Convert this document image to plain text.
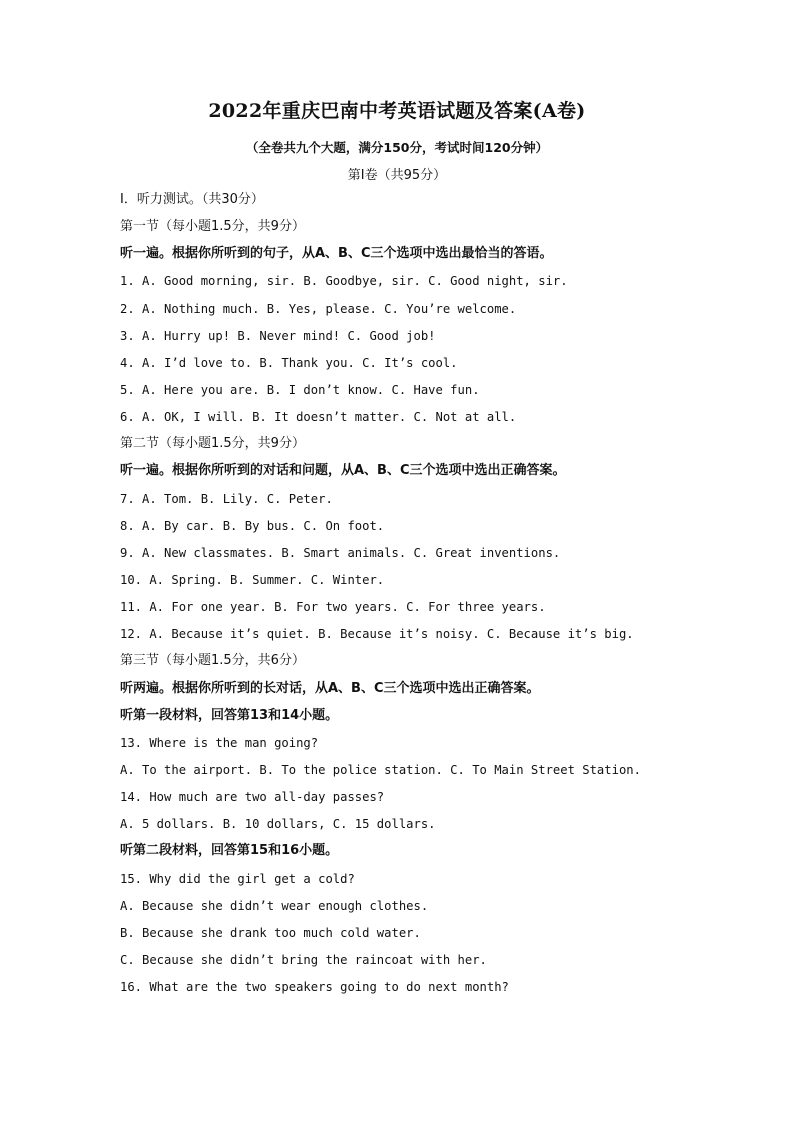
2022年重庆巴南中考英语试题及答案(A卷)
（全卷共九个大题，满分150分，考试时间120分钟）
第Ⅰ卷（共95分）
Ⅰ．听力测试。（共30分）
第一节（每小题1.5分，共9分）
听一遍。根据你所听到的句子，从A、B、C三个选项中选出最恰当的答语。
1. A. Good morning, sir. B. Goodbye, sir. C. Good night, sir.
2. A. Nothing much. B. Yes, please. C. You’re welcome.
3. A. Hurry up! B. Never mind! C. Good job!
4. A. I’d love to. B. Thank you. C. It’s cool.
5. A. Here you are. B. I don’t know. C. Have fun.
6. A. OK, I will. B. It doesn’t matter. C. Not at all.
第二节（每小题1.5分，共9分）
听一遍。根据你所听到的对话和问题，从A、B、C三个选项中选出正确答案。
7. A. Tom. B. Lily. C. Peter.
8. A. By car. B. By bus. C. On foot.
9. A. New classmates. B. Smart animals. C. Great inventions.
10. A. Spring. B. Summer. C. Winter.
11. A. For one year. B. For two years. C. For three years.
12. A. Because it’s quiet. B. Because it’s noisy. C. Because it’s big.
第三节（每小题1.5分，共6分）
听两遍。根据你所听到的长对话，从A、B、C三个选项中选出正确答案。
听第一段材料，回答第13和14小题。
13. Where is the man going?
A. To the airport. B. To the police station. C. To Main Street Station.
14. How much are two all-day passes?
A. 5 dollars. B. 10 dollars, C. 15 dollars.
听第二段材料，回答第15和16小题。
15. Why did the girl get a cold?
A. Because she didn’t wear enough clothes.
B. Because she drank too much cold water.
C. Because she didn’t bring the raincoat with her.
16. What are the two speakers going to do next month?
